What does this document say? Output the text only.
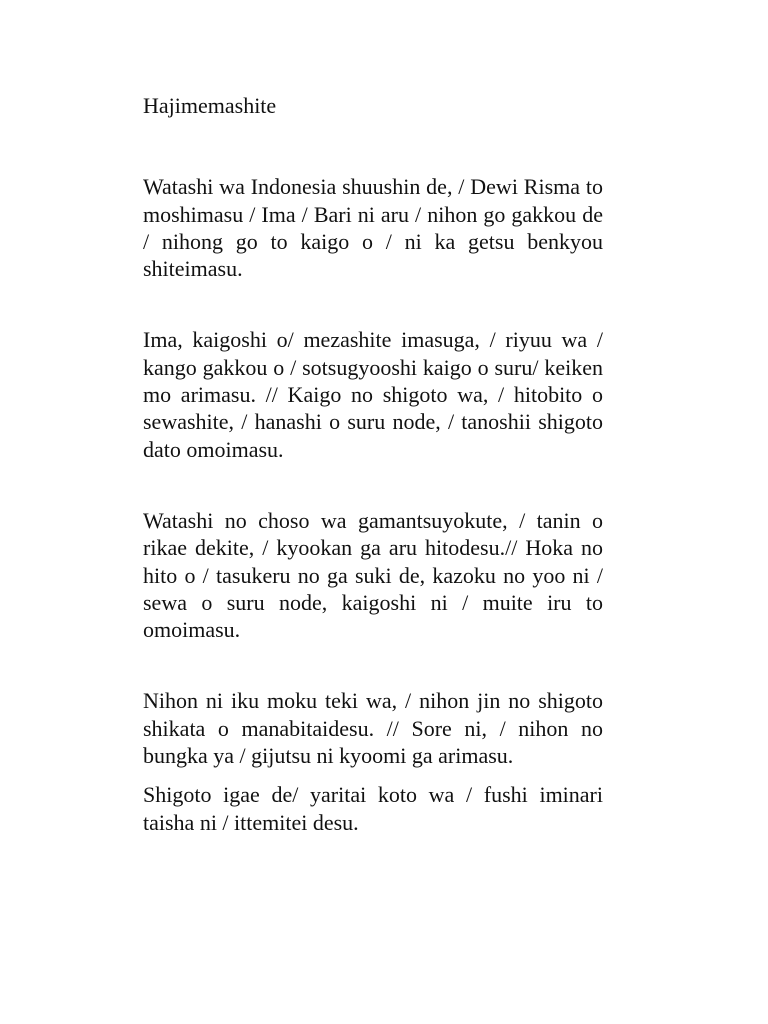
Hajimemashite

Watashi wa Indonesia shuushin de, / Dewi Risma to moshimasu / Ima / Bari ni aru / nihon go gakkou de / nihong go to kaigo o / ni ka getsu benkyou shiteimasu.

Ima, kaigoshi o/ mezashite imasuga, / riyuu wa / kango gakkou o / sotsugyooshi kaigo o suru/ keiken mo arimasu. // Kaigo no shigoto wa, / hitobito o sewashite, / hanashi o suru node, / tanoshii shigoto dato omoimasu.

Watashi no choso wa gamantsuyokute, / tanin o rikae dekite, / kyookan ga aru hitodesu.// Hoka no hito o / tasukeru no ga suki de, kazoku no yoo ni / sewa o suru node, kaigoshi ni / muite iru to omoimasu.

Nihon ni iku moku teki wa, / nihon jin no shigoto shikata o manabitaidesu. // Sore ni, / nihon no bungka ya / gijutsu ni kyoomi ga arimasu.

Shigoto igae de/ yaritai koto wa / fushi iminari taisha ni / ittemitei desu.
